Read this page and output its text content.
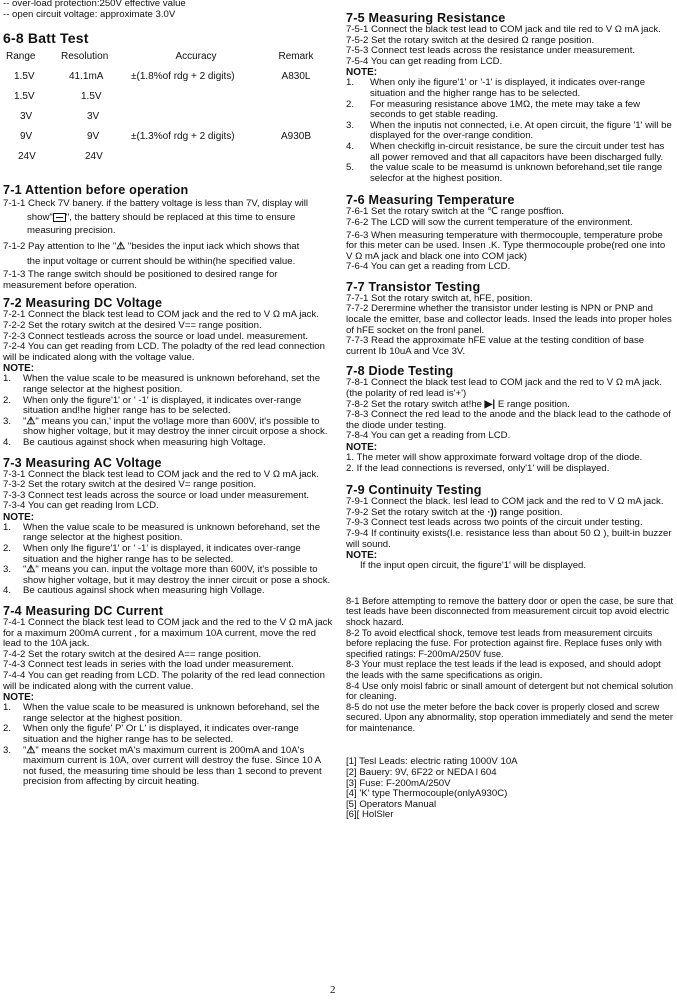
-- over-load protection:250V effective value

-- open circuit voltage: approximate 3.0V

6-8 Batt Test
Range	Resolution	Accuracy	Remark
1.5V	41.1mA	±(1.8%of rdg + 2 digits)	A830L
1.5V	1.5V		
3V	3V		
9V	9V	±(1.3%of rdg + 2 digits)	A930B
24V	24V		
7-1 Attention before operation

7-1-1 Check 7V banery. if the battery voltage is less than 7V, display will

show" ", the battery should be replaced at this time to ensure

measuring precision.

7-1-2 Pay attention to lhe "⚠ "besides the input iack which shows that

the input voltage or current should be within(he specified value.

7-1-3 The range switch should be positioned to desired range for measurement before operation.

7-2 Measuring DC Voltage

7-2-1 Connect the black test lead to COM jack and the red to V Ω mA jack.

7-2-2 Set the rotary switch at the desired V== range position.

7-2-3 Connect testleads across the source or load undel. measurement.

7-2-4 You can get reading from LCD. The poladty of the red lead connection will be indicated along with the voltage value.

NOTE:

1.	When the value scale to be measured is unknown beforehand, set the range selector at the highest position.
2.	When only the figure'1' or ' -1' is displayed, it indicates over-range situation and!he higher range has to be selected.
3.	"⚠" means you can,' input the vo!lage more than 600V, it's possible to show higher voltage, but it may destroy the inner circuit orpose a shock.
4.	Be cautious against shock when measuring high Voltage.
7-3 Measuring AC Voltage

7-3-1 Connect the black test lead to COM jack and the red to V Ω mA jack.

7-3-2 Set the rotary switch at the desired V= range position.

7-3-3 Connect test leads across the source or load under measurement.

7-3-4 You can get reading lrom LCD.

NOTE:

1.	When the value scale to be measured is unknown beforehand, set the range selector at the highest position.
2.	When only lhe figure'1' or ' -1' is displayed, it indicates over-range situation and the higher range has to be selected.
3.	"⚠" means you can. input the voltage more than 600V, it's possible to show higher voltage, but it may destroy the inner circuit or pose a shock.
4.	Be cautious againsl shock when measuring high Vollage.
7-4 Measuring DC Current

7-4-1 Connect the black test lead to COM jack and the red to the V Ω mA jack for a maximum 200mA current , for a maximum 10A current, move the red lead to the 10A jack.

7-4-2 Set the rotary switch at the desired A== range position.

7-4-3 Connect test leads in series with the load under measurement.

7-4-4 You can get reading from LCD. The polarity of the red lead connection will be indicated along with the current value.

NOTE:

1.	When the value scale to be measured is unknown beforehand, sel the range selector at the highest position.
2.	When only the figufe' P' Or L' is displayed, it indicates over-range situation and the higher range has to be selected.
3.	"⚠" means the socket mA's maximum current is 200mA and 10A's maximum current is 10A, over current will destroy the fuse. Since 10 A not fused, the measuring time should be less than 1 second to prevent precision from affecting by circuit heating.
7-5 Measuring Resistance

7-5-1 Connect the black test lead to COM jack and tile red to V Ω mA jack.

7-5-2 Set the rotary switch at the desired Ω range position.

7-5-3 Connect test leads across the resistance under measurement.

7-5-4 You can get reading from LCD.

NOTE:

1.	When only ihe figure'1' or '-1' is displayed, it indicates over-range situation and the higher range has to be selected.
2.	For measuring resistance above 1MΩ, the mete may take a few seconds to get stable reading.
3.	When the inputis not connected, i.e. At open circuit, the figure '1' will be displayed for the over-range condition.
4.	When checkiflg in-circuit resistance, be sure the circuit under test has all power removed and that all capacitors have been discharged fully.
5.	the value scale to be measumd is unknown beforehand,set tile range selecfor at the highest position.
7-6 Measuring Temperature

7-6-1 Set the rotary switch at the ℃ range posffion.

7-6-2 The LCD will sow the current temperature of the environment.

7-6-3 When measuring temperature with thermocouple, temperature probe for this meter can be used. Insen .K. Type thermocouple probe(red one into V Ω mA jack and black one into COM jack)

7-6-4 You can get a reading from LCD.

7-7 Transistor Testing

7-7-1 Sot the rotary switch at, hFE, position.

7-7-2 Derermine whether the transistor under lesting is NPN or PNP and locale the emitter, base and collector leads. Insed the leads into proper holes of hFE socket on the fronl panel.

7-7-3 Read the approximate hFE value at the testing condition of base current Ib 10uA and Vce 3V.

7-8 Diode Testing

7-8-1 Connect the black test lead to COM jack and the red to V Ω mA jack. (the polarity of red lead is'+')

7-8-2 Set the rotary switch at!he ▶| E range position.

7-8-3 Connect the red lead to the anode and the black lead to the cathode of the diode under testing.

7-8-4 You can get a reading from LCD.

NOTE:

1. The meter will show approximate forward voltage drop of the diode.

2. If the lead connections is reversed, only'1' will be displayed.

7-9 Continuity Testing

7-9-1 Connect the black. lesl lead to COM jack and the red to V Ω mA jack.

7-9-2 Set the rotary switch at the ·)) range position.

7-9-3 Connect test leads across two points of the circuit under testing.

7-9-4 If continuity exists(I.e. resistance less than about 50 Ω ), built-in buzzer will sound.

NOTE:

If the input open circuit, the figure'1' will be displayed.

8-1 Before attempting to remove the battery door or open the case, be sure that test leads have been disconnected from measurement circuit top avoid electric shock hazard.

8-2 To avoid electfical shock, temove test leads from measurement circuits before replacing the fuse. For protection against fire. Replace fuses only with specified ratings: F-200mA/250V fuse.

8-3 Your must replace the test leads if the lead is exposed, and should adopt the leads with the same specifications as origin.

8-4 Use only moisl fabric or sinall amount of detergent but not chemical solution for cleaning.

8-5 do not use the meter before the back cover is properly closed and screw secured. Upon any abnormality, stop operation immediately and send the meter for maintenance.

[1] Tesl Leads: electric rating 1000V 10A

[2] Bauery: 9V, 6F22 or NEDA l 604

[3] Fuse: F-200mA/250V

[4] 'K' type Thermocouple(onlyA930C)

[5] Operators Manual

[6][ HolSler

2
